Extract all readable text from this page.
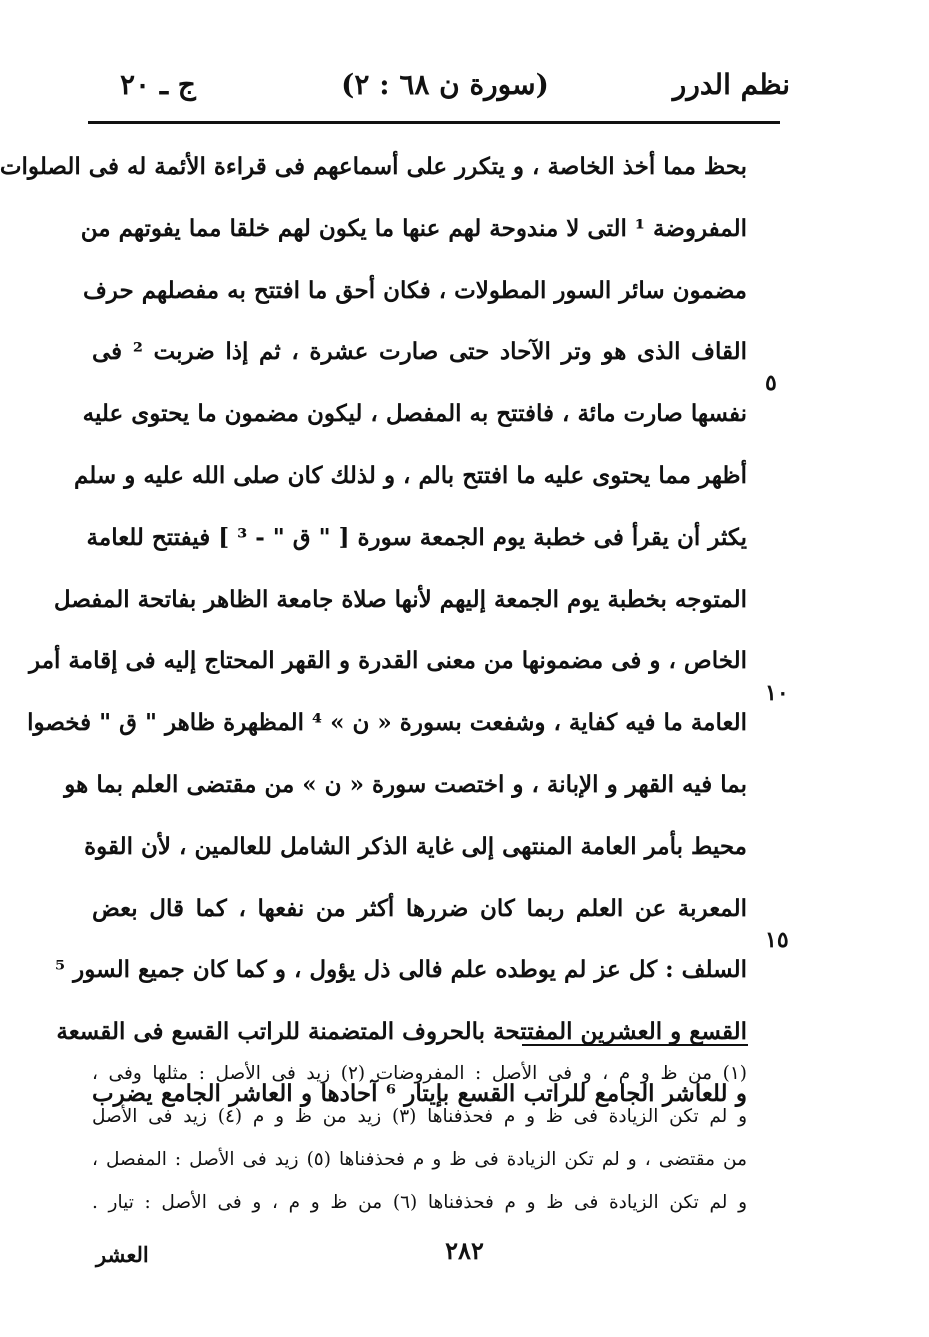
نظم الدرر
(سورة ن ٦٨ : ٢)
ج ـ ٢٠
بحظ مما أخذ الخاصة ، و يتكرر على أسماعهم فى قراءة الأئمة له فى الصلوات
المفروضة ¹ التى لا مندوحة لهم عنها ما يكون لهم خلقا مما يفوتهم من
مضمون سائر السور المطولات ، فكان أحق ما افتتح به مفصلهم حرف
القاف الذى هو وتر الآحاد حتى صارت عشرة ، ثم إذا ضربت ² فى
نفسها صارت مائة ، فافتتح به المفصل ، ليكون مضمون ما يحتوى عليه
أظهر مما يحتوى عليه ما افتتح بالم ، و لذلك كان صلى الله عليه و سلم
يكثر أن يقرأ فى خطبة يوم الجمعة سورة [ " ق " - ³ ] فيفتتح للعامة
المتوجه بخطبة يوم الجمعة إليهم لأنها صلاة جامعة الظاهر بفاتحة المفصل
الخاص ، و فى مضمونها من معنى القدرة و القهر المحتاج إليه فى إقامة أمر
العامة ما فيه كفاية ، وشفعت بسورة « ن » ⁴ المظهرة ظاهر " ق " فخصوا
بما فيه القهر و الإبانة ، و اختصت سورة « ن » من مقتضى العلم بما هو
محيط بأمر العامة المنتهى إلى غاية الذكر الشامل للعالمين ، لأن القوة
المعربة عن العلم ربما كان ضررها أكثر من نفعها ، كما قال بعض
السلف : كل عز لم يوطده علم فالى ذل يؤول ، و كما كان جميع السور ⁵
القسع و العشرين المفتتحة بالحروف المتضمنة للراتب القسع فى القسعة
و للعاشر الجامع للراتب القسع بإيتار ⁶ آحادها و العاشر الجامع يضرب
٥
١٠
١٥
(١) من ظ و م ، و فى الأصل : المفروضات (٢) زيد فى الأصل : مثلها وفى ،
و لم تكن الزيادة فى ظ و م فحذفناها (٣) زيد من ظ و م (٤) زيد فى الأصل
من مقتضى ، و لم تكن الزيادة فى ظ و م فحذفناها (٥) زيد فى الأصل : المفصل ،
و لم تكن الزيادة فى ظ و م فحذفناها (٦) من ظ و م ، و فى الأصل : تيار .
٢٨٢
العشر
